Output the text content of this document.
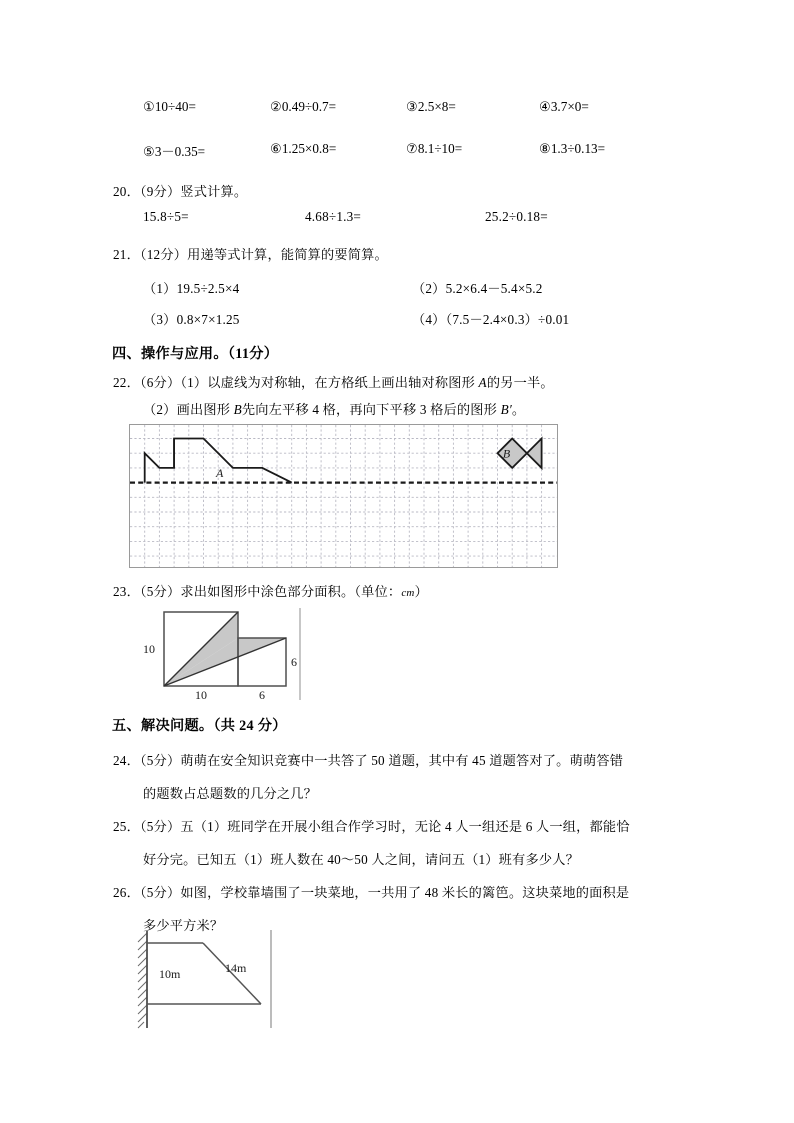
①10÷40=	②0.49÷0.7=	③2.5×8=	④3.7×0=
⑤3－0.35=	⑥1.25×0.8=	⑦8.1÷10=	⑧1.3÷0.13=
20．（9分）竖式计算。
15.8÷5=	4.68÷1.3=	25.2÷0.18=
21．（12分）用递等式计算，能简算的要简算。
（1）19.5÷2.5×4	（2）5.2×6.4－5.4×5.2
（3）0.8×7×1.25	（4）（7.5－2.4×0.3）÷0.01
四、操作与应用。（11分）
22．（6分）（1）以虚线为对称轴，在方格纸上画出轴对称图形 A的另一半。
（2）画出图形 B先向左平移 4 格，再向下平移 3 格后的图形 B′。
A
B
23．（5分）求出如图形中涂色部分面积。（单位：cm）
10
10	6
6
五、解决问题。（共 24 分）
24．（5分）萌萌在安全知识竞赛中一共答了 50 道题，其中有 45 道题答对了。萌萌答错
的题数占总题数的几分之几？
25．（5分）五（1）班同学在开展小组合作学习时，无论 4 人一组还是 6 人一组，都能恰
好分完。已知五（1）班人数在 40～50 人之间，请问五（1）班有多少人？
26．（5分）如图，学校靠墙围了一块菜地，一共用了 48 米长的篱笆。这块菜地的面积是
多少平方米？
10m	14m
